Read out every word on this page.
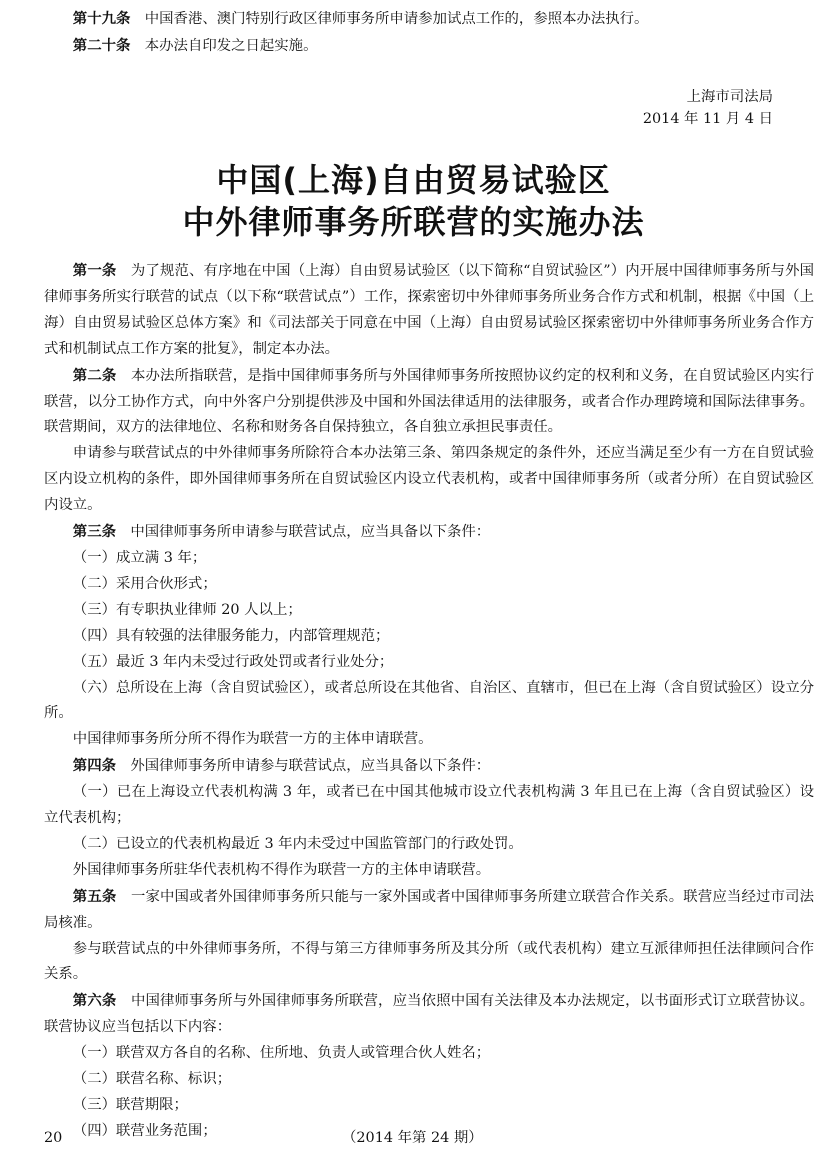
第十九条　中国香港、澳门特别行政区律师事务所申请参加试点工作的，参照本办法执行。

第二十条　本办法自印发之日起实施。

上海市司法局
2014 年 11 月 4 日
中国(上海)自由贸易试验区
中外律师事务所联营的实施办法

第一条　为了规范、有序地在中国（上海）自由贸易试验区（以下简称“自贸试验区”）内开展中国律师事务所与外国律师事务所实行联营的试点（以下称“联营试点”）工作，探索密切中外律师事务所业务合作方式和机制，根据《中国（上海）自由贸易试验区总体方案》和《司法部关于同意在中国（上海）自由贸易试验区探索密切中外律师事务所业务合作方式和机制试点工作方案的批复》，制定本办法。

第二条　本办法所指联营，是指中国律师事务所与外国律师事务所按照协议约定的权利和义务，在自贸试验区内实行联营，以分工协作方式，向中外客户分别提供涉及中国和外国法律适用的法律服务，或者合作办理跨境和国际法律事务。联营期间，双方的法律地位、名称和财务各自保持独立，各自独立承担民事责任。

申请参与联营试点的中外律师事务所除符合本办法第三条、第四条规定的条件外，还应当满足至少有一方在自贸试验区内设立机构的条件，即外国律师事务所在自贸试验区内设立代表机构，或者中国律师事务所（或者分所）在自贸试验区内设立。

第三条　中国律师事务所申请参与联营试点，应当具备以下条件：

（一）成立满 3 年；

（二）采用合伙形式；

（三）有专职执业律师 20 人以上；

（四）具有较强的法律服务能力，内部管理规范；

（五）最近 3 年内未受过行政处罚或者行业处分；

（六）总所设在上海（含自贸试验区），或者总所设在其他省、自治区、直辖市，但已在上海（含自贸试验区）设立分所。

中国律师事务所分所不得作为联营一方的主体申请联营。

第四条　外国律师事务所申请参与联营试点，应当具备以下条件：

（一）已在上海设立代表机构满 3 年，或者已在中国其他城市设立代表机构满 3 年且已在上海（含自贸试验区）设立代表机构；

（二）已设立的代表机构最近 3 年内未受过中国监管部门的行政处罚。

外国律师事务所驻华代表机构不得作为联营一方的主体申请联营。

第五条　一家中国或者外国律师事务所只能与一家外国或者中国律师事务所建立联营合作关系。联营应当经过市司法局核准。

参与联营试点的中外律师事务所，不得与第三方律师事务所及其分所（或代表机构）建立互派律师担任法律顾问合作关系。

第六条　中国律师事务所与外国律师事务所联营，应当依照中国有关法律及本办法规定，以书面形式订立联营协议。联营协议应当包括以下内容：

（一）联营双方各自的名称、住所地、负责人或管理合伙人姓名；

（二）联营名称、标识；

（三）联营期限；

（四）联营业务范围；

20	（2014 年第 24 期）
